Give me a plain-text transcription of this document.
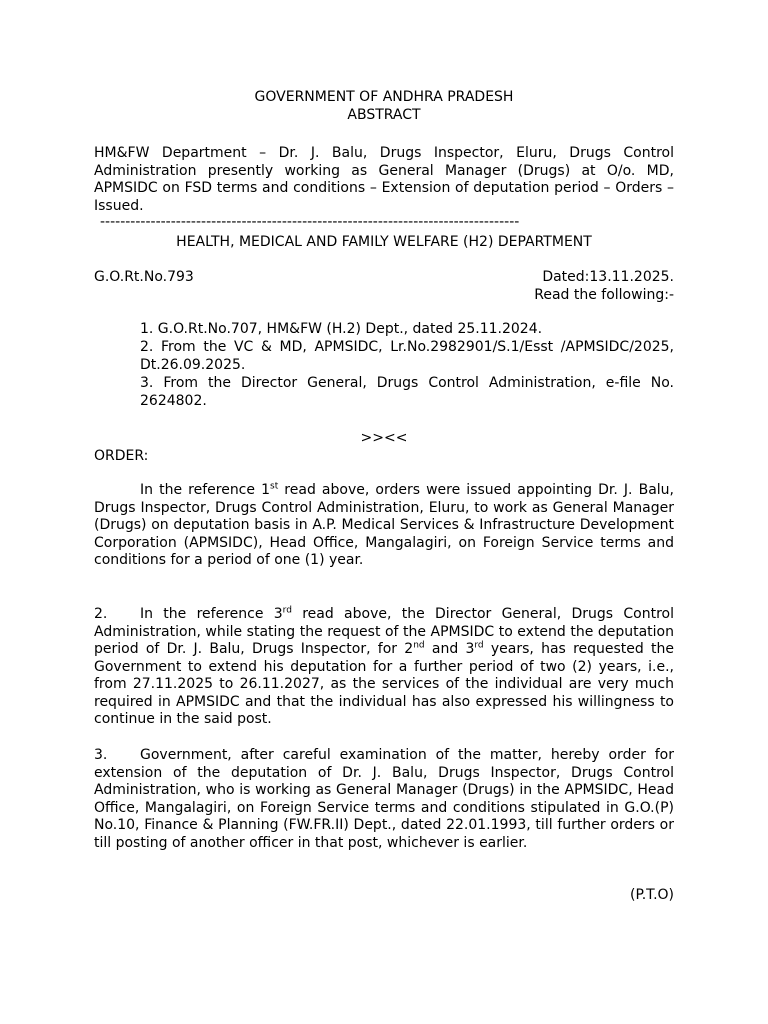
GOVERNMENT OF ANDHRA PRADESH
ABSTRACT

HM&FW Department – Dr. J. Balu, Drugs Inspector, Eluru, Drugs Control Administration presently working as General Manager (Drugs) at O/o. MD, APMSIDC on FSD terms and conditions – Extension of deputation period – Orders – Issued.

-----------------------------------------------------------------------------------
HEALTH, MEDICAL AND FAMILY WELFARE (H2) DEPARTMENT
G.O.Rt.No.793	Dated:13.11.2025.
Read the following:-

1. G.O.Rt.No.707, HM&FW (H.2) Dept., dated 25.11.2024.

2. From the VC & MD, APMSIDC, Lr.No.2982901/S.1/Esst /APMSIDC/2025, Dt.26.09.2025.

3. From the Director General, Drugs Control Administration, e-file No. 2624802.

>><<
ORDER:

In the reference 1st read above, orders were issued appointing Dr. J. Balu, Drugs Inspector, Drugs Control Administration, Eluru, to work as General Manager (Drugs) on deputation basis in A.P. Medical Services & Infrastructure Development Corporation (APMSIDC), Head Office, Mangalagiri, on Foreign Service terms and conditions for a period of one (1) year.

2. In the reference 3rd read above, the Director General, Drugs Control Administration, while stating the request of the APMSIDC to extend the deputation period of Dr. J. Balu, Drugs Inspector, for 2nd and 3rd years, has requested the Government to extend his deputation for a further period of two (2) years, i.e., from 27.11.2025 to 26.11.2027, as the services of the individual are very much required in APMSIDC and that the individual has also expressed his willingness to continue in the said post.

3. Government, after careful examination of the matter, hereby order for extension of the deputation of Dr. J. Balu, Drugs Inspector, Drugs Control Administration, who is working as General Manager (Drugs) in the APMSIDC, Head Office, Mangalagiri, on Foreign Service terms and conditions stipulated in G.O.(P) No.10, Finance & Planning (FW.FR.II) Dept., dated 22.01.1993, till further orders or till posting of another officer in that post, whichever is earlier.

(P.T.O)
